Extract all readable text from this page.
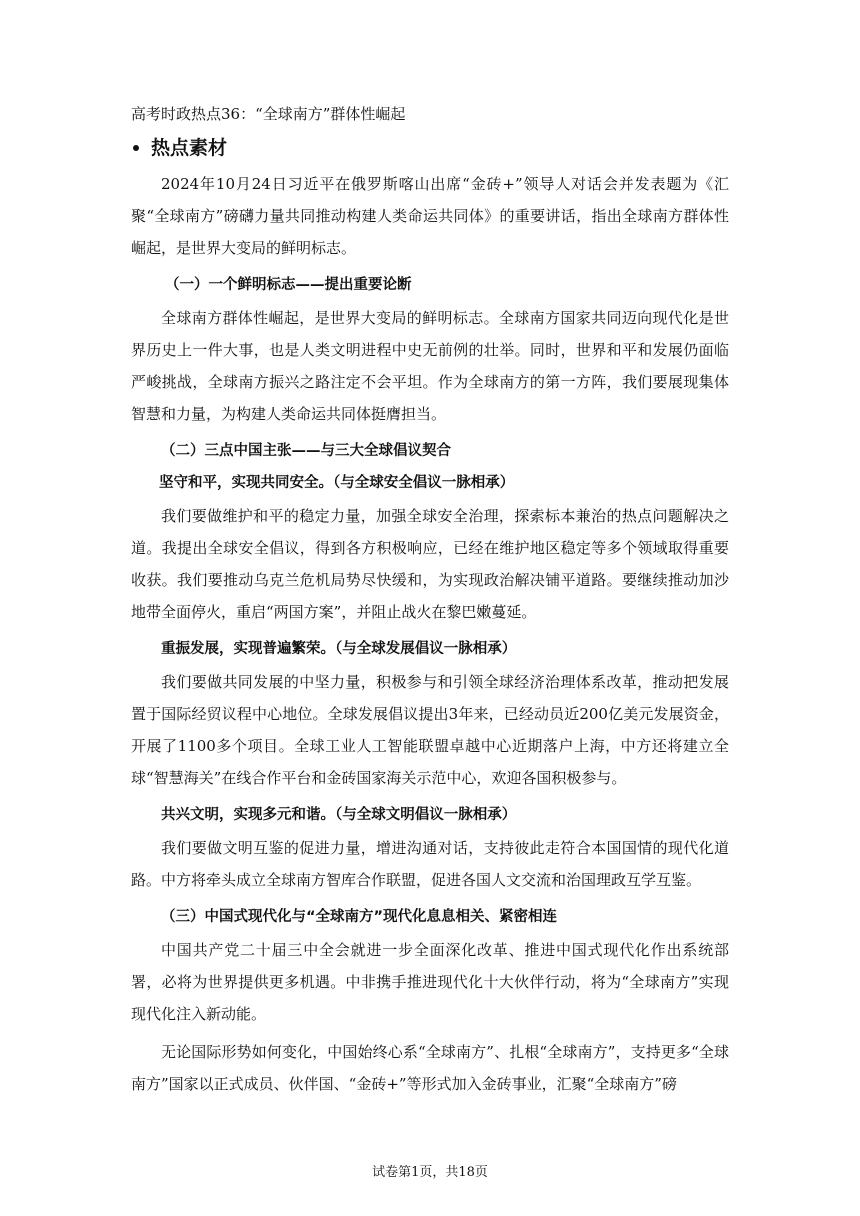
高考时政热点36：“全球南方”群体性崛起
热点素材

2024年10月24日习近平在俄罗斯喀山出席“金砖+”领导人对话会并发表题为《汇聚“全球南方”磅礴力量共同推动构建人类命运共同体》的重要讲话，指出全球南方群体性崛起，是世界大变局的鲜明标志。

（一）一个鲜明标志——提出重要论断

全球南方群体性崛起，是世界大变局的鲜明标志。全球南方国家共同迈向现代化是世界历史上一件大事，也是人类文明进程中史无前例的壮举。同时，世界和平和发展仍面临严峻挑战，全球南方振兴之路注定不会平坦。作为全球南方的第一方阵，我们要展现集体智慧和力量，为构建人类命运共同体挺膺担当。

（二）三点中国主张——与三大全球倡议契合
坚守和平，实现共同安全。（与全球安全倡议一脉相承）

我们要做维护和平的稳定力量，加强全球安全治理，探索标本兼治的热点问题解决之道。我提出全球安全倡议，得到各方积极响应，已经在维护地区稳定等多个领域取得重要收获。我们要推动乌克兰危机局势尽快缓和，为实现政治解决铺平道路。要继续推动加沙地带全面停火，重启“两国方案”，并阻止战火在黎巴嫩蔓延。

重振发展，实现普遍繁荣。（与全球发展倡议一脉相承）

我们要做共同发展的中坚力量，积极参与和引领全球经济治理体系改革，推动把发展置于国际经贸议程中心地位。全球发展倡议提出3年来，已经动员近200亿美元发展资金，开展了1100多个项目。全球工业人工智能联盟卓越中心近期落户上海，中方还将建立全球“智慧海关”在线合作平台和金砖国家海关示范中心，欢迎各国积极参与。

共兴文明，实现多元和谐。（与全球文明倡议一脉相承）

我们要做文明互鉴的促进力量，增进沟通对话，支持彼此走符合本国国情的现代化道路。中方将牵头成立全球南方智库合作联盟，促进各国人文交流和治国理政互学互鉴。

（三）中国式现代化与“全球南方”现代化息息相关、紧密相连

中国共产党二十届三中全会就进一步全面深化改革、推进中国式现代化作出系统部署，必将为世界提供更多机遇。中非携手推进现代化十大伙伴行动，将为“全球南方”实现现代化注入新动能。

无论国际形势如何变化，中国始终心系“全球南方”、扎根“全球南方”，支持更多“全球南方”国家以正式成员、伙伴国、“金砖+”等形式加入金砖事业，汇聚“全球南方”磅

试卷第1页，共18页
